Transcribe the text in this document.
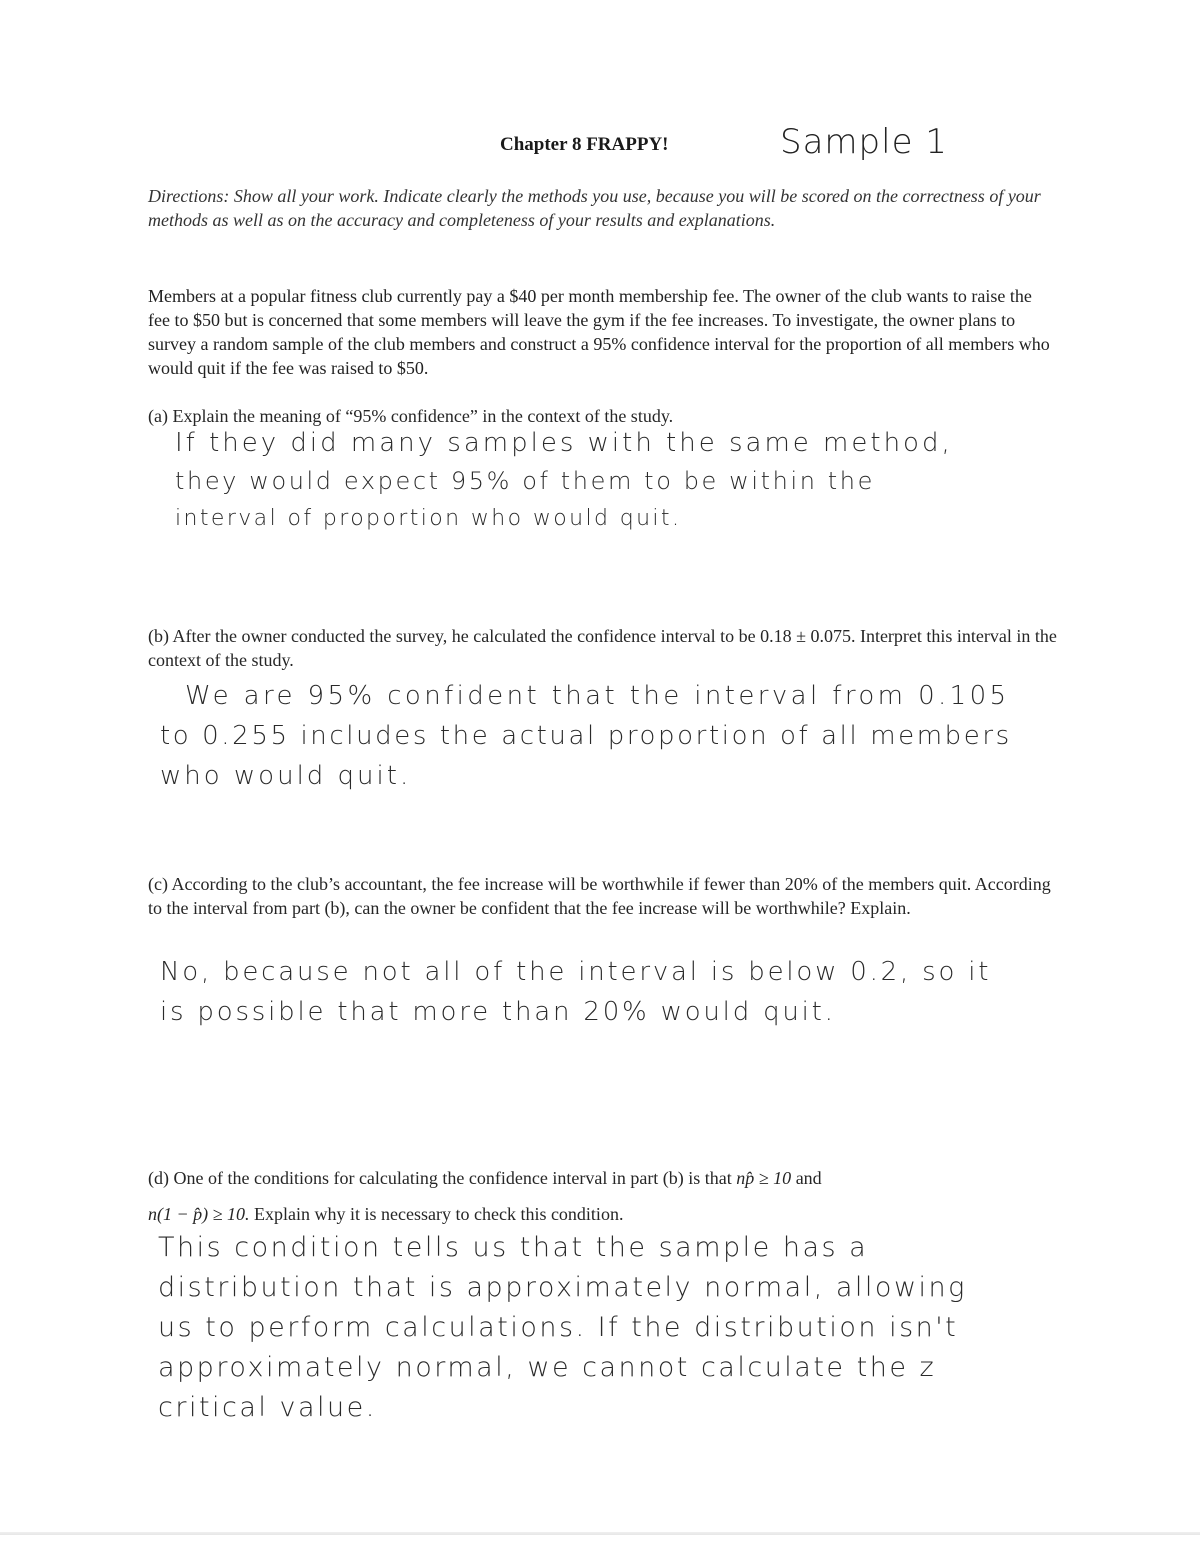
Chapter 8 FRAPPY!	Sample 1
Directions: Show all your work. Indicate clearly the methods you use, because you will be scored on the correctness of your methods as well as on the accuracy and completeness of your results and explanations.
Members at a popular fitness club currently pay a $40 per month membership fee. The owner of the club wants to raise the fee to $50 but is concerned that some members will leave the gym if the fee increases. To investigate, the owner plans to survey a random sample of the club members and construct a 95% confidence interval for the proportion of all members who would quit if the fee was raised to $50.
(a) Explain the meaning of “95% confidence” in the context of the study.
If they did many samples with the same method,
they would expect 95% of them to be within the
interval of proportion who would quit.
(b) After the owner conducted the survey, he calculated the confidence interval to be 0.18 ± 0.075. Interpret this interval in the context of the study.
We are 95% confident that the interval from 0.105
to 0.255 includes the actual proportion of all members
who would quit.
(c) According to the club’s accountant, the fee increase will be worthwhile if fewer than 20% of the members quit. According to the interval from part (b), can the owner be confident that the fee increase will be worthwhile? Explain.
No, because not all of the interval is below 0.2, so it
is possible that more than 20% would quit.
(d) One of the conditions for calculating the confidence interval in part (b) is that np̂ ≥ 10 and
n(1 − p̂) ≥ 10. Explain why it is necessary to check this condition.
This condition tells us that the sample has a
distribution that is approximately normal, allowing
us to perform calculations. If the distribution isn't
approximately normal, we cannot calculate the z
critical value.
